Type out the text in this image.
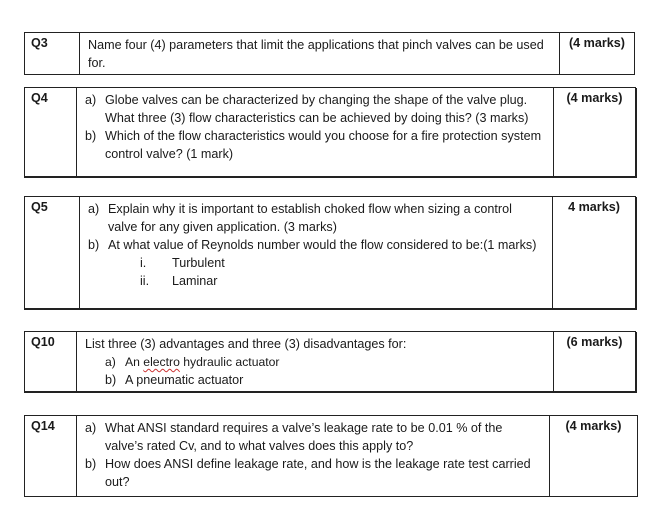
Q3	Name four (4) parameters that limit the applications that pinch valves can be used for.	(4 marks)
Q4	a) Globe valves can be characterized by changing the shape of the valve plug. What three (3) flow characteristics can be achieved by doing this? (3 marks)
b) Which of the flow characteristics would you choose for a fire protection system control valve? (1 mark)
	(4 marks)
Q5	a) Explain why it is important to establish choked flow when sizing a control valve for any given application. (3 marks)
b) At what value of Reynolds number would the flow considered to be:(1 marks)
i.	Turbulent
ii.	Laminar
	4 marks)
Q10	List three (3) advantages and three (3) disadvantages for:
a) An electro hydraulic actuator
b) A pneumatic actuator
	(6 marks)
Q14	a) What ANSI standard requires a valve’s leakage rate to be 0.01 % of the valve’s rated Cv, and to what valves does this apply to?
b) How does ANSI define leakage rate, and how is the leakage rate test carried out?
	(4 marks)
